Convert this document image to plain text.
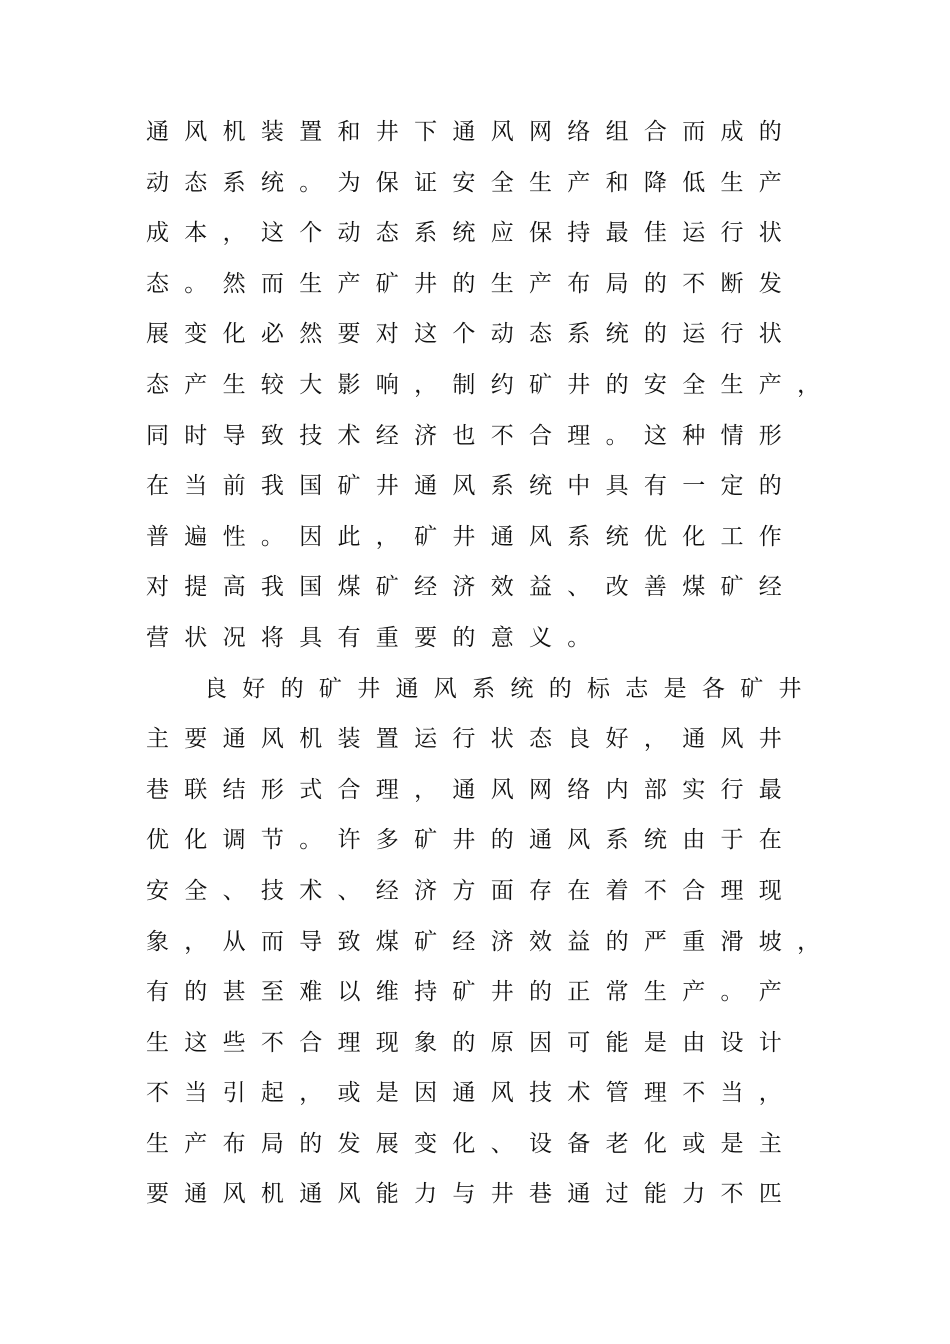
通风机装置和井下通风网络组合而成的
动态系统。为保证安全生产和降低生产
成本，这个动态系统应保持最佳运行状
态。然而生产矿井的生产布局的不断发
展变化必然要对这个动态系统的运行状
态产生较大影响，制约矿井的安全生产，
同时导致技术经济也不合理。这种情形
在当前我国矿井通风系统中具有一定的
普遍性。因此，矿井通风系统优化工作
对提高我国煤矿经济效益、改善煤矿经
营状况将具有重要的意义。
良好的矿井通风系统的标志是各矿井
主要通风机装置运行状态良好，通风井
巷联结形式合理，通风网络内部实行最
优化调节。许多矿井的通风系统由于在
安全、技术、经济方面存在着不合理现
象，从而导致煤矿经济效益的严重滑坡，
有的甚至难以维持矿井的正常生产。产
生这些不合理现象的原因可能是由设计
不当引起，或是因通风技术管理不当，
生产布局的发展变化、设备老化或是主
要通风机通风能力与井巷通过能力不匹
